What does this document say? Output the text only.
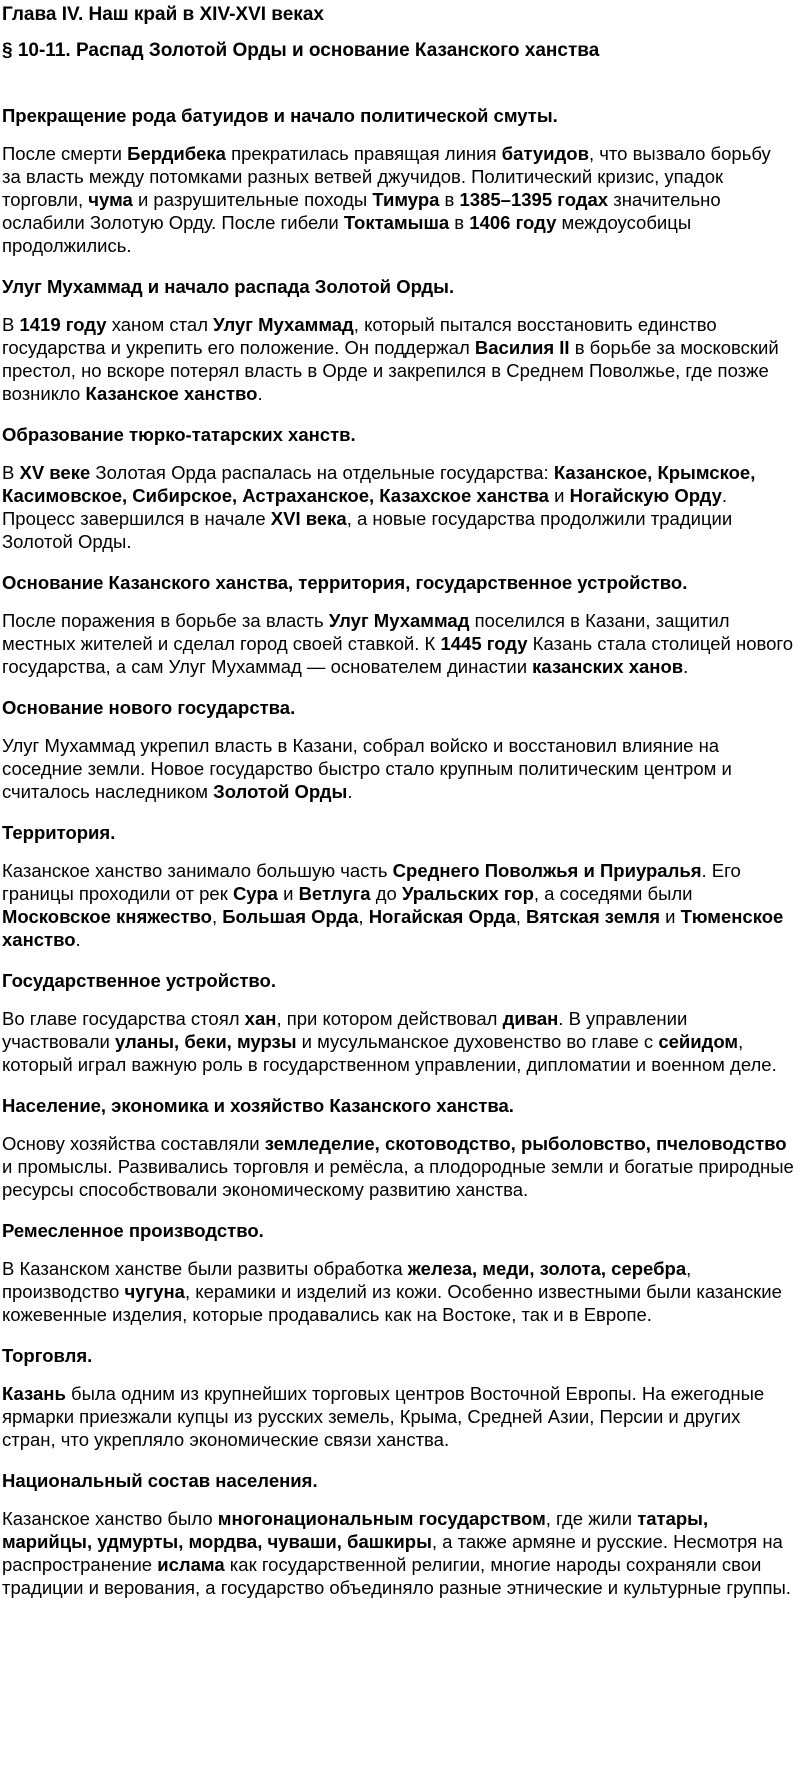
Глава IV. Наш край в XIV-XVI веках
§ 10-11. Распад Золотой Орды и основание Казанского ханства
Прекращение рода батуидов и начало политической смуты.

После смерти Бердибека прекратилась правящая линия батуидов, что вызвало борьбу за власть между потомками разных ветвей джучидов. Политический кризис, упадок торговли, чума и разрушительные походы Тимура в 1385–1395 годах значительно ослабили Золотую Орду. После гибели Токтамыша в 1406 году междоусобицы продолжились.

Улуг Мухаммад и начало распада Золотой Орды.

В 1419 году ханом стал Улуг Мухаммад, который пытался восстановить единство государства и укрепить его положение. Он поддержал Василия II в борьбе за московский престол, но вскоре потерял власть в Орде и закрепился в Среднем Поволжье, где позже возникло Казанское ханство.

Образование тюрко-татарских ханств.

В XV веке Золотая Орда распалась на отдельные государства: Казанское, Крымское, Касимовское, Сибирское, Астраханское, Казахское ханства и Ногайскую Орду. Процесс завершился в начале XVI века, а новые государства продолжили традиции Золотой Орды.

Основание Казанского ханства, территория, государственное устройство.

После поражения в борьбе за власть Улуг Мухаммад поселился в Казани, защитил местных жителей и сделал город своей ставкой. К 1445 году Казань стала столицей нового государства, а сам Улуг Мухаммад — основателем династии казанских ханов.

Основание нового государства.

Улуг Мухаммад укрепил власть в Казани, собрал войско и восстановил влияние на соседние земли. Новое государство быстро стало крупным политическим центром и считалось наследником Золотой Орды.

Территория.

Казанское ханство занимало большую часть Среднего Поволжья и Приуралья. Его границы проходили от рек Сура и Ветлуга до Уральских гор, а соседями были Московское княжество, Большая Орда, Ногайская Орда, Вятская земля и Тюменское ханство.

Государственное устройство.

Во главе государства стоял хан, при котором действовал диван. В управлении участвовали уланы, беки, мурзы и мусульманское духовенство во главе с сейидом, который играл важную роль в государственном управлении, дипломатии и военном деле.

Население, экономика и хозяйство Казанского ханства.

Основу хозяйства составляли земледелие, скотоводство, рыболовство, пчеловодство и промыслы. Развивались торговля и ремёсла, а плодородные земли и богатые природные ресурсы способствовали экономическому развитию ханства.

Ремесленное производство.

В Казанском ханстве были развиты обработка железа, меди, золота, серебра, производство чугуна, керамики и изделий из кожи. Особенно известными были казанские кожевенные изделия, которые продавались как на Востоке, так и в Европе.

Торговля.

Казань была одним из крупнейших торговых центров Восточной Европы. На ежегодные ярмарки приезжали купцы из русских земель, Крыма, Средней Азии, Персии и других стран, что укрепляло экономические связи ханства.

Национальный состав населения.

Казанское ханство было многонациональным государством, где жили татары, марийцы, удмурты, мордва, чуваши, башкиры, а также армяне и русские. Несмотря на распространение ислама как государственной религии, многие народы сохраняли свои традиции и верования, а государство объединяло разные этнические и культурные группы.
